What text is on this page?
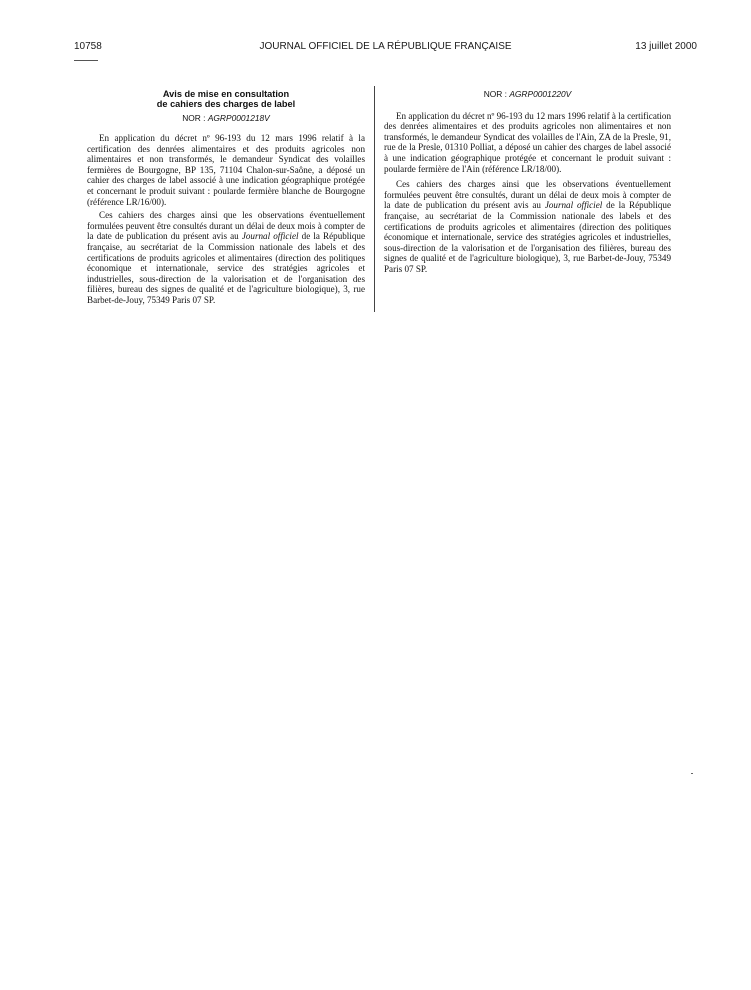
10758	JOURNAL OFFICIEL DE LA RÉPUBLIQUE FRANÇAISE	13 juillet 2000
Avis de mise en consultation
de cahiers des charges de label
NOR : AGRP0001218V

En application du décret nº 96-193 du 12 mars 1996 relatif à la certification des denrées alimentaires et des produits agricoles non alimentaires et non transformés, le demandeur Syndicat des volailles fermières de Bourgogne, BP 135, 71104 Chalon-sur-Saône, a déposé un cahier des charges de label associé à une indication géographique protégée et concernant le produit suivant : poularde fermière blanche de Bourgogne (référence LR/16/00).

Ces cahiers des charges ainsi que les observations éventuellement formulées peuvent être consultés durant un délai de deux mois à compter de la date de publication du présent avis au Journal officiel de la République française, au secrétariat de la Commission nationale des labels et des certifications de produits agricoles et alimentaires (direction des politiques économique et internationale, service des stratégies agricoles et industrielles, sous-direction de la valorisation et de l'organisation des filières, bureau des signes de qualité et de l'agriculture biologique), 3, rue Barbet-de-Jouy, 75349 Paris 07 SP.

NOR : AGRP0001220V

En application du décret nº 96-193 du 12 mars 1996 relatif à la certification des denrées alimentaires et des produits agricoles non alimentaires et non transformés, le demandeur Syndicat des volailles de l'Ain, ZA de la Presle, 91, rue de la Presle, 01310 Polliat, a déposé un cahier des charges de label associé à une indication géographique protégée et concernant le produit suivant : poularde fermière de l'Ain (référence LR/18/00).

Ces cahiers des charges ainsi que les observations éventuellement formulées peuvent être consultés, durant un délai de deux mois à compter de la date de publication du présent avis au Journal officiel de la République française, au secrétariat de la Commission nationale des labels et des certifications de produits agricoles et alimentaires (direction des politiques économique et internationale, service des stratégies agricoles et industrielles, sous-direction de la valorisation et de l'organisation des filières, bureau des signes de qualité et de l'agriculture biologique), 3, rue Barbet-de-Jouy, 75349 Paris 07 SP.
